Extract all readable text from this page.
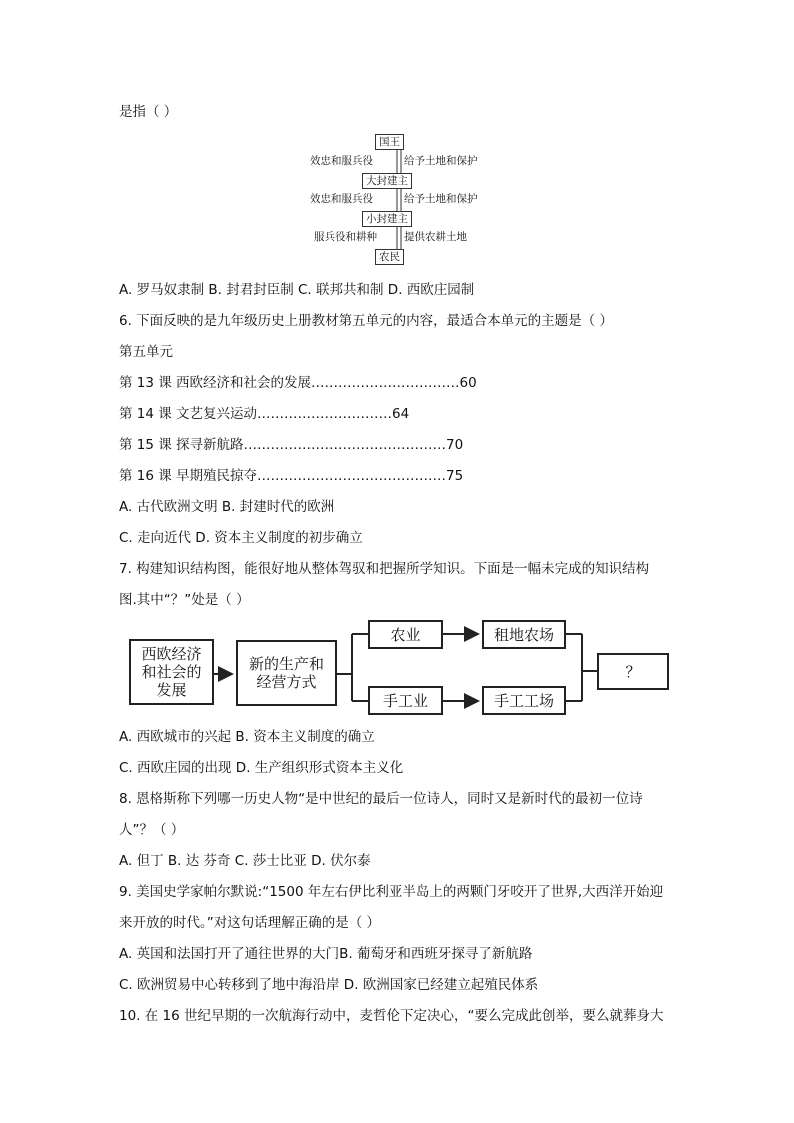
是指（ ）
国王
效忠和服兵役	给予土地和保护
大封建主
效忠和服兵役	给予土地和保护
小封建主
服兵役和耕种	提供农耕土地
农民
A. 罗马奴隶制 B. 封君封臣制 C. 联邦共和制 D. 西欧庄园制
6. 下面反映的是九年级历史上册教材第五单元的内容，最适合本单元的主题是（ ）
第五单元
第 13 课 西欧经济和社会的发展……………………………60
第 14 课 文艺复兴运动…………………………64
第 15 课 探寻新航路………………………………………70
第 16 课 早期殖民掠夺……………………………………75
A. 古代欧洲文明 B. 封建时代的欧洲
C. 走向近代 D. 资本主义制度的初步确立
7. 构建知识结构图，能很好地从整体驾驭和把握所学知识。下面是一幅未完成的知识结构
图.其中“？”处是（ ）
西欧经济和社会的发展
新的生产和经营方式
农业	租地农场
手工业	手工工场
？
A. 西欧城市的兴起 B. 资本主义制度的确立
C. 西欧庄园的出现 D. 生产组织形式资本主义化
8. 恩格斯称下列哪一历史人物“是中世纪的最后一位诗人，同时又是新时代的最初一位诗
人”？（ ）
A. 但丁 B. 达 芬奇 C. 莎士比亚 D. 伏尔泰
9. 美国史学家帕尔默说:“1500 年左右伊比利亚半岛上的两颗门牙咬开了世界,大西洋开始迎
来开放的时代。”对这句话理解正确的是（ ）
A. 英国和法国打开了通往世界的大门B. 葡萄牙和西班牙探寻了新航路
C. 欧洲贸易中心转移到了地中海沿岸 D. 欧洲国家已经建立起殖民体系
10. 在 16 世纪早期的一次航海行动中，麦哲伦下定决心，“要么完成此创举，要么就葬身大
